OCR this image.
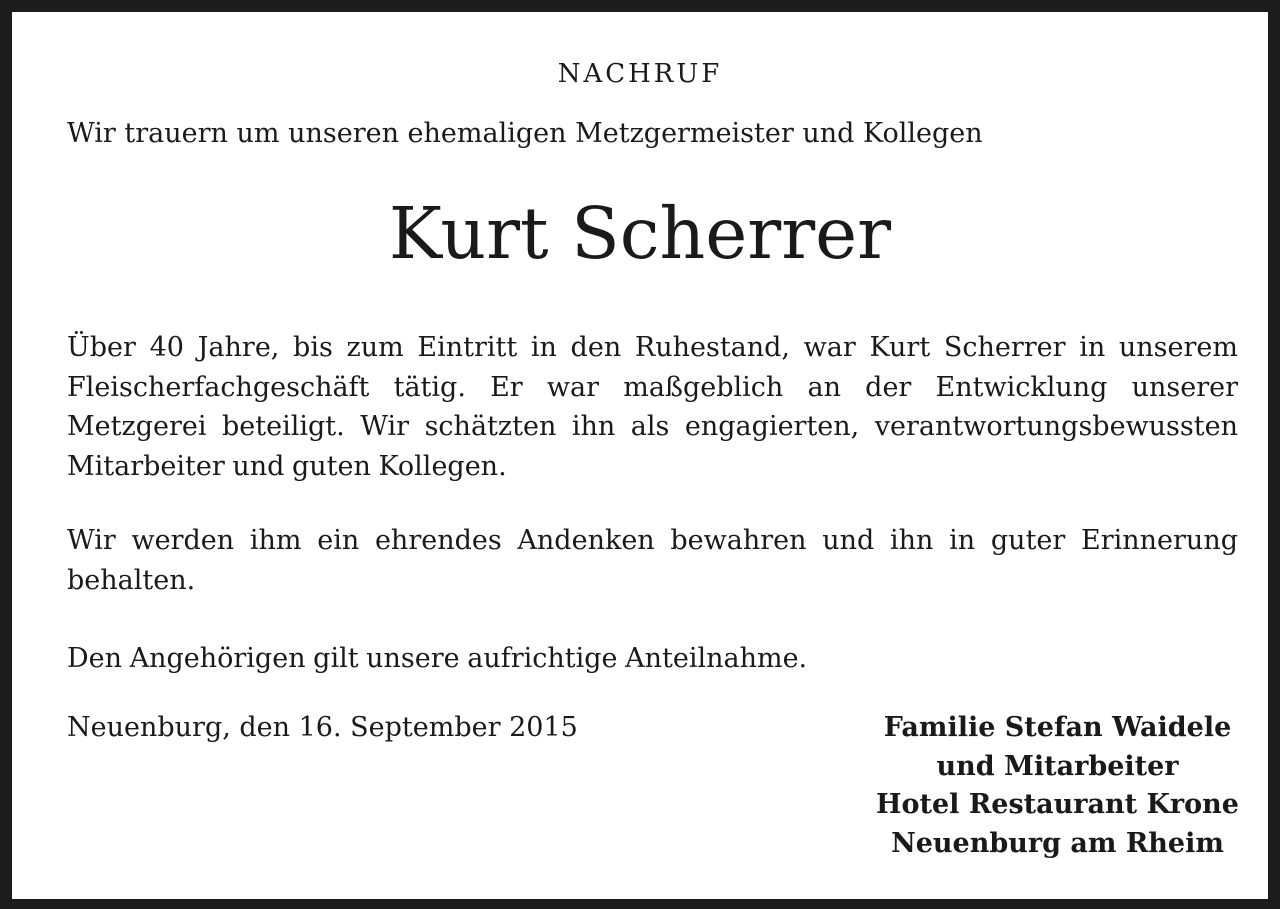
NACHRUF
Wir trauern um unseren ehemaligen Metzgermeister und Kollegen
Kurt Scherrer
Über 40 Jahre, bis zum Eintritt in den Ruhestand, war Kurt Scherrer in unserem Fleischerfachgeschäft tätig. Er war maßgeblich an der Entwicklung unserer Metzgerei beteiligt. Wir schätzten ihn als engagierten, verantwortungsbewussten Mitarbeiter und guten Kollegen.
Wir werden ihm ein ehrendes Andenken bewahren und ihn in guter Erinnerung behalten.
Den Angehörigen gilt unsere aufrichtige Anteilnahme.
Neuenburg, den 16. September 2015	Familie Stefan Waidele
und Mitarbeiter
Hotel Restaurant Krone
Neuenburg am Rheim
